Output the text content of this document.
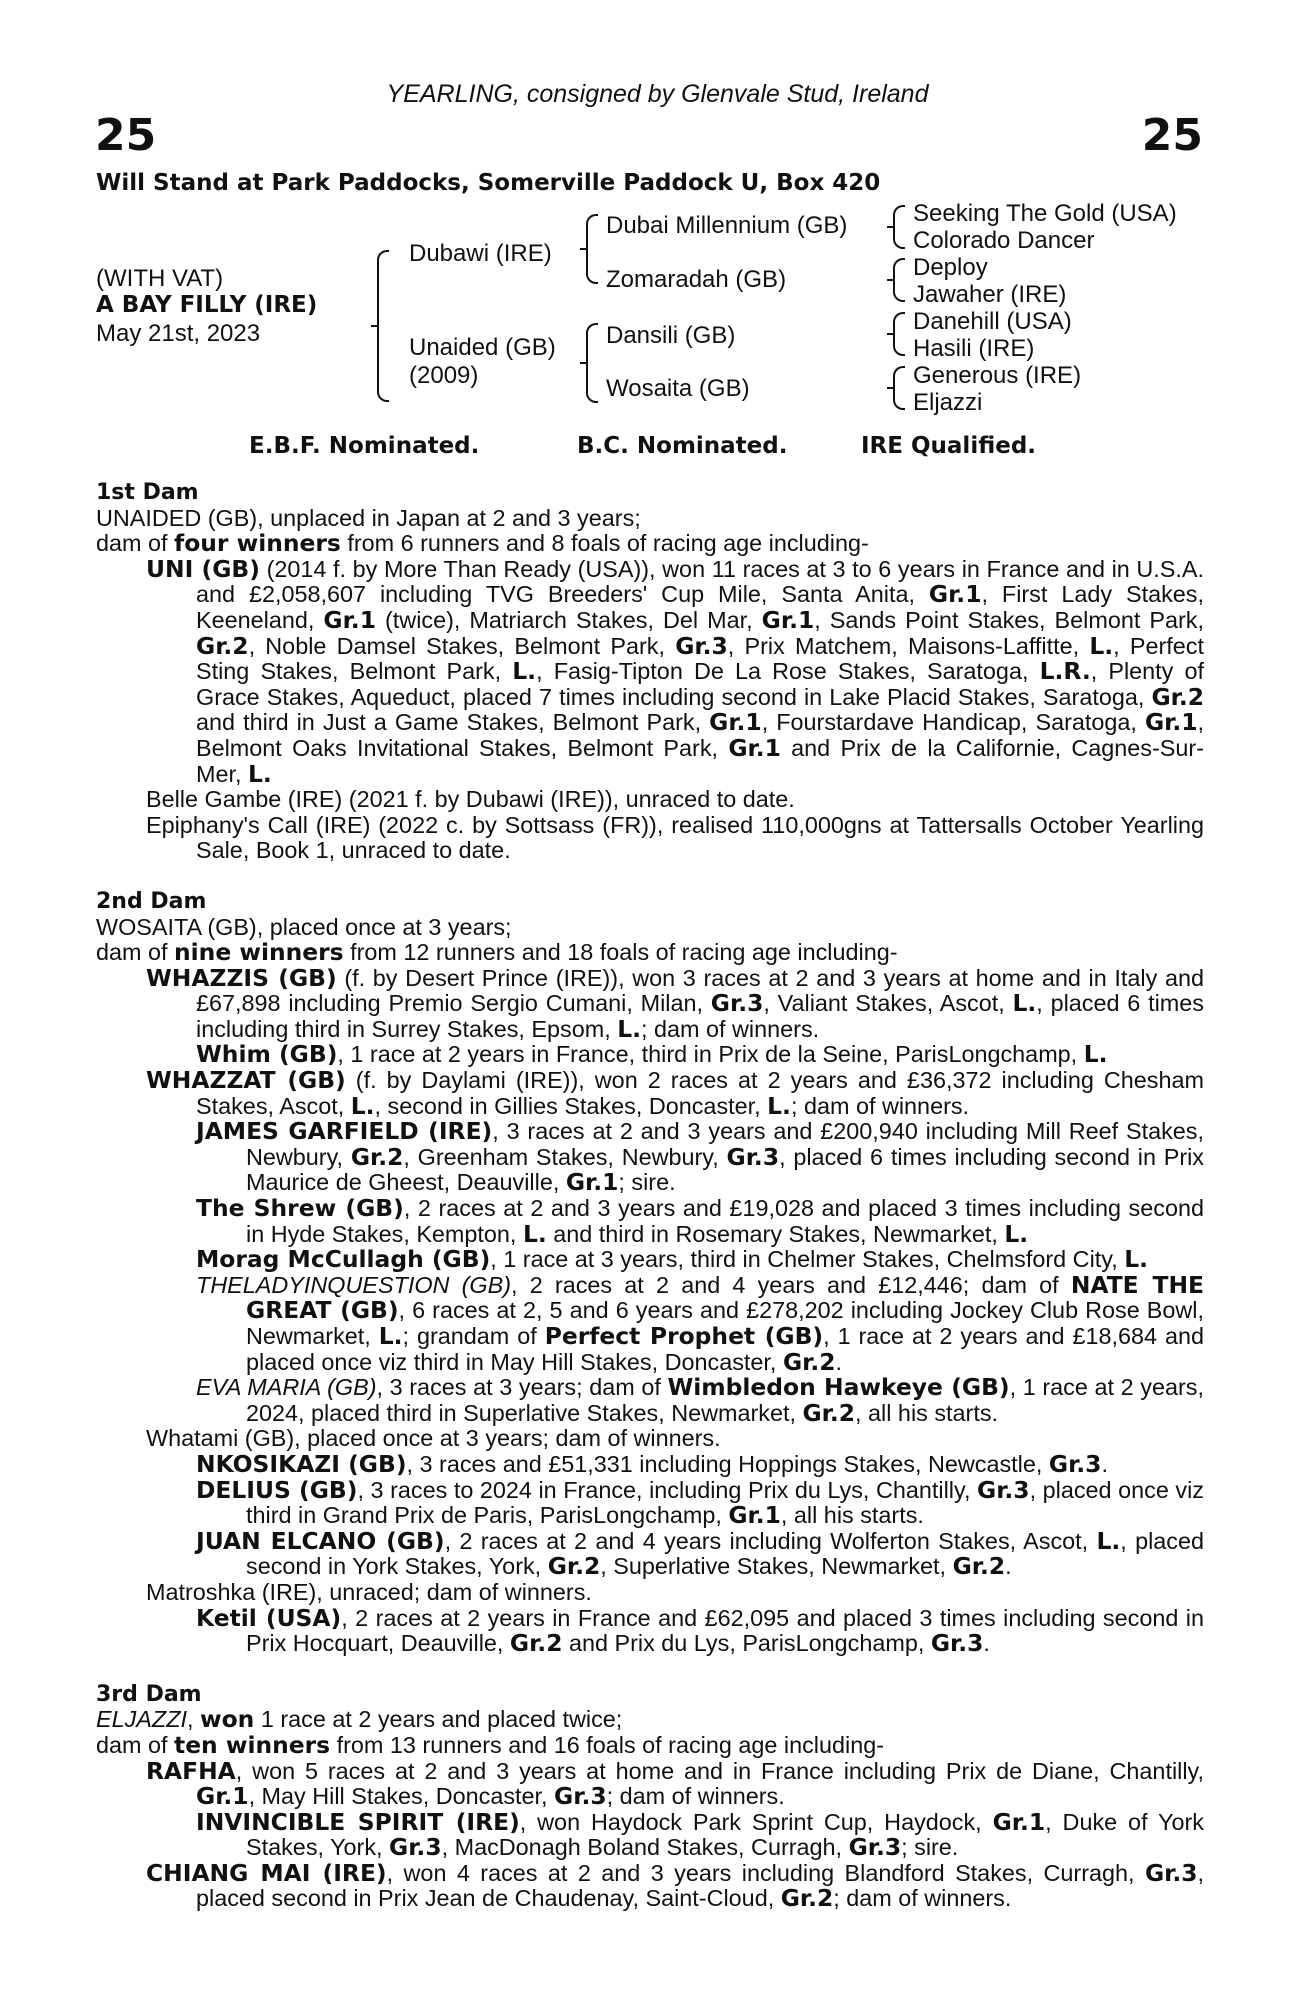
YEARLING, consigned by Glenvale Stud, Ireland
25	25
Will Stand at Park Paddocks, Somerville Paddock U, Box 420
(WITH VAT)
A BAY FILLY (IRE)
May 21st, 2023
Dubawi (IRE)
Unaided (GB)
(2009)
Dubai Millennium (GB)
Zomaradah (GB)
Dansili (GB)
Wosaita (GB)
Seeking The Gold (USA)
Colorado Dancer
Deploy
Jawaher (IRE)
Danehill (USA)
Hasili (IRE)
Generous (IRE)
Eljazzi
E.B.F. Nominated.	B.C. Nominated.	IRE Qualified.

1st Dam

UNAIDED (GB), unplaced in Japan at 2 and 3 years;

dam of four winners from 6 runners and 8 foals of racing age including-

UNI (GB) (2014 f. by More Than Ready (USA)), won 11 races at 3 to 6 years in France and in U.S.A. and £2,058,607 including TVG Breeders' Cup Mile, Santa Anita, Gr.1, First Lady Stakes, Keeneland, Gr.1 (twice), Matriarch Stakes, Del Mar, Gr.1, Sands Point Stakes, Belmont Park, Gr.2, Noble Damsel Stakes, Belmont Park, Gr.3, Prix Matchem, Maisons-Laffitte, L., Perfect Sting Stakes, Belmont Park, L., Fasig-Tipton De La Rose Stakes, Saratoga, L.R., Plenty of Grace Stakes, Aqueduct, placed 7 times including second in Lake Placid Stakes, Saratoga, Gr.2 and third in Just a Game Stakes, Belmont Park, Gr.1, Fourstardave Handicap, Saratoga, Gr.1, Belmont Oaks Invitational Stakes, Belmont Park, Gr.1 and Prix de la Californie, Cagnes-Sur-Mer, L.

Belle Gambe (IRE) (2021 f. by Dubawi (IRE)), unraced to date.

Epiphany's Call (IRE) (2022 c. by Sottsass (FR)), realised 110,000gns at Tattersalls October Yearling Sale, Book 1, unraced to date.

2nd Dam

WOSAITA (GB), placed once at 3 years;

dam of nine winners from 12 runners and 18 foals of racing age including-

WHAZZIS (GB) (f. by Desert Prince (IRE)), won 3 races at 2 and 3 years at home and in Italy and £67,898 including Premio Sergio Cumani, Milan, Gr.3, Valiant Stakes, Ascot, L., placed 6 times including third in Surrey Stakes, Epsom, L.; dam of winners.

Whim (GB), 1 race at 2 years in France, third in Prix de la Seine, ParisLongchamp, L.

WHAZZAT (GB) (f. by Daylami (IRE)), won 2 races at 2 years and £36,372 including Chesham Stakes, Ascot, L., second in Gillies Stakes, Doncaster, L.; dam of winners.

JAMES GARFIELD (IRE), 3 races at 2 and 3 years and £200,940 including Mill Reef Stakes, Newbury, Gr.2, Greenham Stakes, Newbury, Gr.3, placed 6 times including second in Prix Maurice de Gheest, Deauville, Gr.1; sire.

The Shrew (GB), 2 races at 2 and 3 years and £19,028 and placed 3 times including second in Hyde Stakes, Kempton, L. and third in Rosemary Stakes, Newmarket, L.

Morag McCullagh (GB), 1 race at 3 years, third in Chelmer Stakes, Chelmsford City, L.

THELADYINQUESTION (GB), 2 races at 2 and 4 years and £12,446; dam of NATE THE GREAT (GB), 6 races at 2, 5 and 6 years and £278,202 including Jockey Club Rose Bowl, Newmarket, L.; grandam of Perfect Prophet (GB), 1 race at 2 years and £18,684 and placed once viz third in May Hill Stakes, Doncaster, Gr.2.

EVA MARIA (GB), 3 races at 3 years; dam of Wimbledon Hawkeye (GB), 1 race at 2 years, 2024, placed third in Superlative Stakes, Newmarket, Gr.2, all his starts.

Whatami (GB), placed once at 3 years; dam of winners.

NKOSIKAZI (GB), 3 races and £51,331 including Hoppings Stakes, Newcastle, Gr.3.

DELIUS (GB), 3 races to 2024 in France, including Prix du Lys, Chantilly, Gr.3, placed once viz third in Grand Prix de Paris, ParisLongchamp, Gr.1, all his starts.

JUAN ELCANO (GB), 2 races at 2 and 4 years including Wolferton Stakes, Ascot, L., placed second in York Stakes, York, Gr.2, Superlative Stakes, Newmarket, Gr.2.

Matroshka (IRE), unraced; dam of winners.

Ketil (USA), 2 races at 2 years in France and £62,095 and placed 3 times including second in Prix Hocquart, Deauville, Gr.2 and Prix du Lys, ParisLongchamp, Gr.3.

3rd Dam

ELJAZZI, won 1 race at 2 years and placed twice;

dam of ten winners from 13 runners and 16 foals of racing age including-

RAFHA, won 5 races at 2 and 3 years at home and in France including Prix de Diane, Chantilly, Gr.1, May Hill Stakes, Doncaster, Gr.3; dam of winners.

INVINCIBLE SPIRIT (IRE), won Haydock Park Sprint Cup, Haydock, Gr.1, Duke of York Stakes, York, Gr.3, MacDonagh Boland Stakes, Curragh, Gr.3; sire.

CHIANG MAI (IRE), won 4 races at 2 and 3 years including Blandford Stakes, Curragh, Gr.3, placed second in Prix Jean de Chaudenay, Saint-Cloud, Gr.2; dam of winners.
